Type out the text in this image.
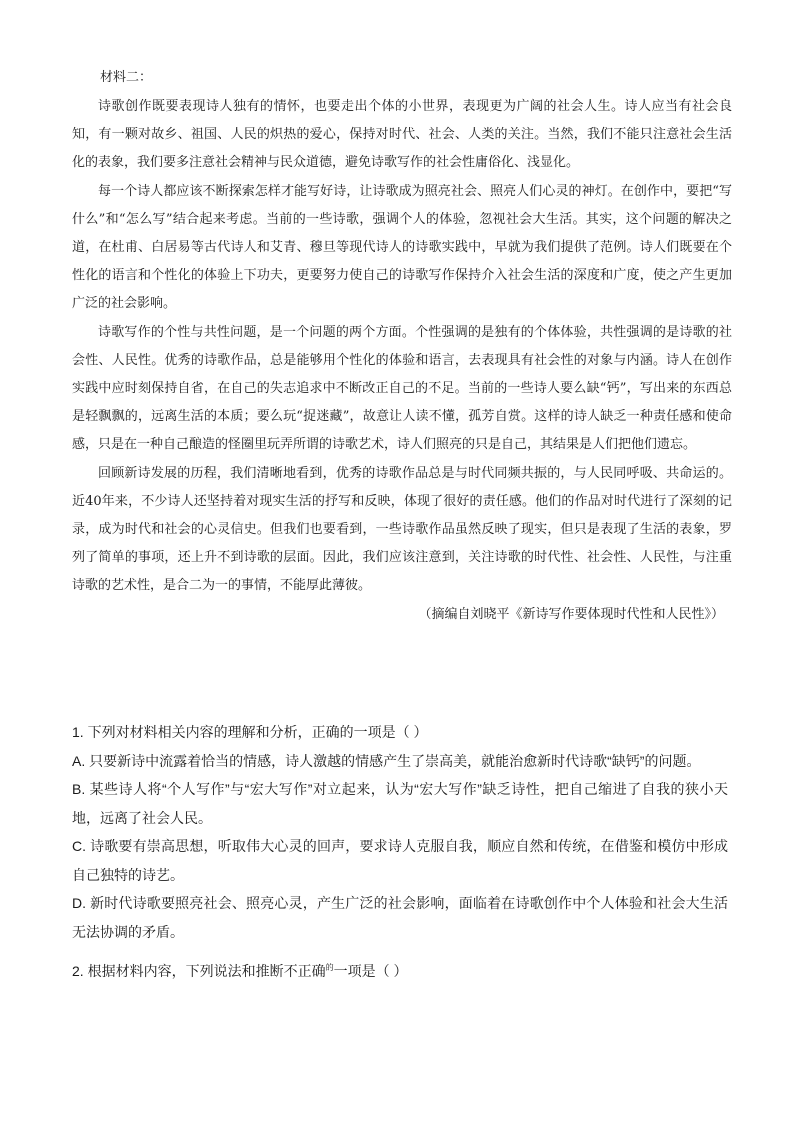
材料二：

诗歌创作既要表现诗人独有的情怀，也要走出个体的小世界，表现更为广阔的社会人生。诗人应当有社会良知，有一颗对故乡、祖国、人民的炽热的爱心，保持对时代、社会、人类的关注。当然，我们不能只注意社会生活化的表象，我们要多注意社会精神与民众道德，避免诗歌写作的社会性庸俗化、浅显化。

每一个诗人都应该不断探索怎样才能写好诗，让诗歌成为照亮社会、照亮人们心灵的神灯。在创作中，要把“写什么”和“怎么写”结合起来考虑。当前的一些诗歌，强调个人的体验，忽视社会大生活。其实，这个问题的解决之道，在杜甫、白居易等古代诗人和艾青、穆旦等现代诗人的诗歌实践中，早就为我们提供了范例。诗人们既要在个性化的语言和个性化的体验上下功夫，更要努力使自己的诗歌写作保持介入社会生活的深度和广度，使之产生更加广泛的社会影响。

诗歌写作的个性与共性问题，是一个问题的两个方面。个性强调的是独有的个体体验，共性强调的是诗歌的社会性、人民性。优秀的诗歌作品，总是能够用个性化的体验和语言，去表现具有社会性的对象与内涵。诗人在创作实践中应时刻保持自省，在自己的失志追求中不断改正自己的不足。当前的一些诗人要么缺“钙”，写出来的东西总是轻飘飘的，远离生活的本质；要么玩“捉迷藏”，故意让人读不懂，孤芳自赏。这样的诗人缺乏一种责任感和使命感，只是在一种自己酿造的怪圈里玩弄所谓的诗歌艺术，诗人们照亮的只是自己，其结果是人们把他们遗忘。

回顾新诗发展的历程，我们清晰地看到，优秀的诗歌作品总是与时代同频共振的，与人民同呼吸、共命运的。近40年来，不少诗人还坚持着对现实生活的抒写和反映，体现了很好的责任感。他们的作品对时代进行了深刻的记录，成为时代和社会的心灵信史。但我们也要看到，一些诗歌作品虽然反映了现实，但只是表现了生活的表象，罗列了简单的事项，还上升不到诗歌的层面。因此，我们应该注意到，关注诗歌的时代性、社会性、人民性，与注重诗歌的艺术性，是合二为一的事情，不能厚此薄彼。

（摘编自刘晓平《新诗写作要体现时代性和人民性》）

1. 下列对材料相关内容的理解和分析，正确的一项是（ ）

A. 只要新诗中流露着恰当的情感，诗人激越的情感产生了崇高美，就能治愈新时代诗歌“缺钙”的问题。

B. 某些诗人将“个人写作”与“宏大写作”对立起来，认为“宏大写作”缺乏诗性，把自己缩进了自我的狭小天地，远离了社会人民。

C. 诗歌要有崇高思想，听取伟大心灵的回声，要求诗人克服自我，顺应自然和传统，在借鉴和模仿中形成自己独特的诗艺。

D. 新时代诗歌要照亮社会、照亮心灵，产生广泛的社会影响，面临着在诗歌创作中个人体验和社会大生活无法协调的矛盾。

2. 根据材料内容，下列说法和推断不正确$^的$一项是（ ）
